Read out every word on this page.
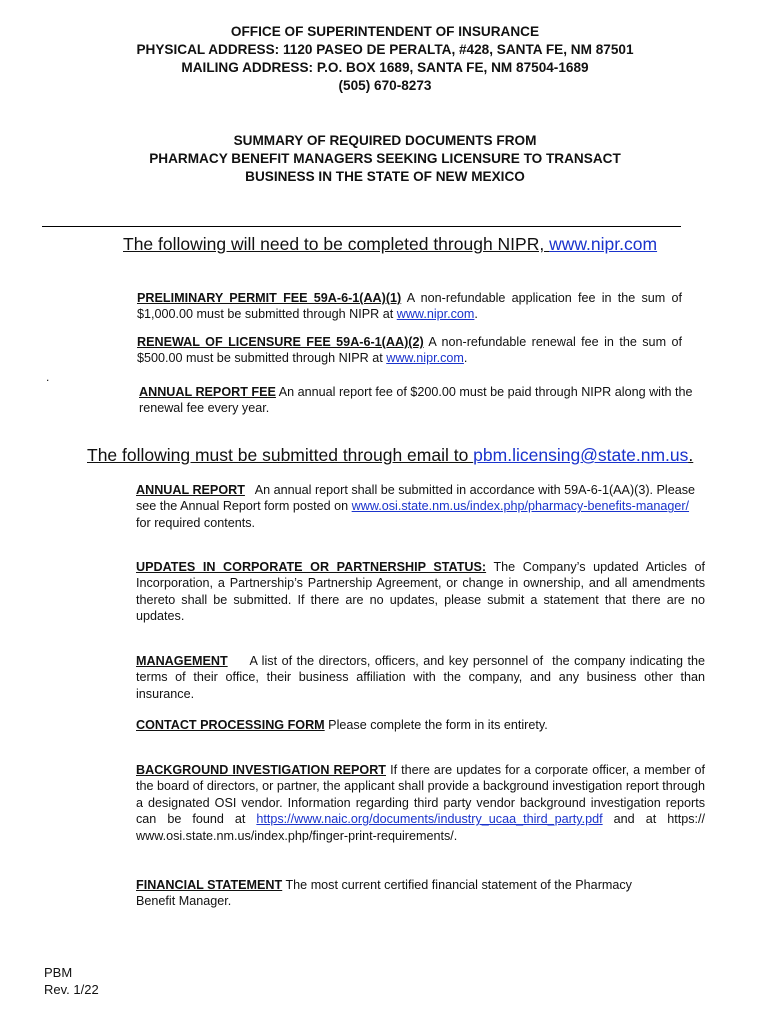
OFFICE OF SUPERINTENDENT OF INSURANCE
PHYSICAL ADDRESS: 1120 PASEO DE PERALTA, #428, SANTA FE, NM 87501
MAILING ADDRESS: P.O. BOX 1689, SANTA FE, NM 87504-1689
(505) 670-8273
SUMMARY OF REQUIRED DOCUMENTS FROM
PHARMACY BENEFIT MANAGERS SEEKING LICENSURE TO TRANSACT
BUSINESS IN THE STATE OF NEW MEXICO
The following will need to be completed through NIPR, www.nipr.com
PRELIMINARY PERMIT FEE 59A-6-1(AA)(1) A non-refundable application fee in the sum of $1,000.00 must be submitted through NIPR at www.nipr.com.
RENEWAL OF LICENSURE FEE 59A-6-1(AA)(2) A non-refundable renewal fee in the sum of $500.00 must be submitted through NIPR at www.nipr.com.
.
ANNUAL REPORT FEE An annual report fee of $200.00 must be paid through NIPR along with the renewal fee every year.
The following must be submitted through email to pbm.licensing@state.nm.us.
ANNUAL REPORT   An annual report shall be submitted in accordance with 59A-6-1(AA)(3). Please see the Annual Report form posted on www.osi.state.nm.us/index.php/pharmacy-benefits-manager/ for required contents.
UPDATES IN CORPORATE OR PARTNERSHIP STATUS: The Company’s updated Articles of Incorporation, a Partnership’s Partnership Agreement, or change in ownership, and all amendments thereto shall be submitted. If there are no updates, please submit a statement that there are no updates.
MANAGEMENT     A list of the directors, officers, and key personnel of  the company indicating the terms of their office, their business affiliation with the company, and any business other than insurance.
CONTACT PROCESSING FORM Please complete the form in its entirety.
BACKGROUND INVESTIGATION REPORT If there are updates for a corporate officer, a member of the board of directors, or partner, the applicant shall provide a background investigation report through a designated OSI vendor. Information regarding third party vendor background investigation reports can be found at https://www.naic.org/documents/industry_ucaa_third_party.pdf and at https:// www.osi.state.nm.us/index.php/finger-print-requirements/.
FINANCIAL STATEMENT The most current certified financial statement of the Pharmacy Benefit Manager.
PBM
Rev. 1/22
